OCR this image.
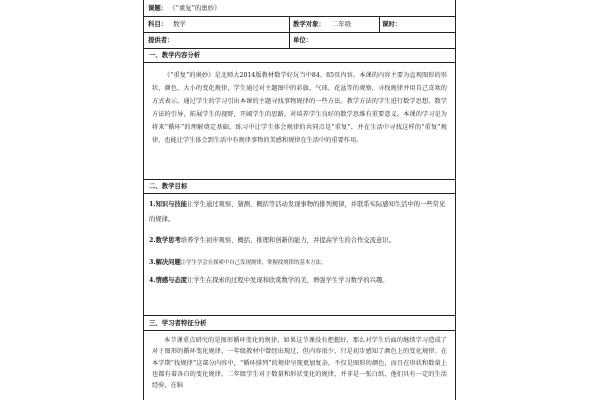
课题： 《“重复”的奥妙》
科目： 数学	教学对象： 二年级	课时：
提供者：	单位：
一、教学内容分析

《“重复”的奥妙》是北师大2014版教材数学好玩当中84、85页内容。本课的内容主要为直观图形的形状、颜色、大小的变化规律，学生通过对主题图中的彩旗、气球、花盆等的观察，寻找规律并用自己喜欢的方式表示。通过学生的学习引出本课的主题寻找事物规律的一些方法。教学方法的学生进行数学思想、数学方法的引导，拓展学生的视野，开阔学生的思路，对培养学生良好的数学思维有重要意义。本课的学习是为将来“循环”的理解奠定基础，练习中让学生体会规律的共同点是“重复”，并在生活中寻找这样的“重复”规律，也能让学生体会到生活中有规律事物的美感和规律在生活中的重要作用。

二、教学目标

1.知识与技能让学生通过观察、猜测、概括等活动发现事物的排列规律，并联系实际感知生活中的一些常见的规律。

2.数学思考培养学生初步观察、概括、推理和创新的能力，并提高学生的合作交流意识。

3.解决问题让学生学会在探索中自己发现规律，掌握找规律的基本方法。

4.情感与态度让学生在探索的过程中发现和欣赏数学的美，增强学生学习数学的兴趣。

三、学习者特征分析

本节课重点研究的是图形循环变化的规律，如果这节课没有把握好，那么对学生后面的继续学习造成了对于图形的循环变化规律，一年级教材中曾经出现过，但内容很少，只是初步感知了颜色上的变化规律。在本学期“找规律”这部分内容中，“循环排列”的规律呈现更加复杂，不仅是图形的颜色，而且在形状和数量上也都有着各自的变化规律。二年级学生对于数量和形状变化的规律，并非是一张白纸，他们具有一定的生活经验，在脑
